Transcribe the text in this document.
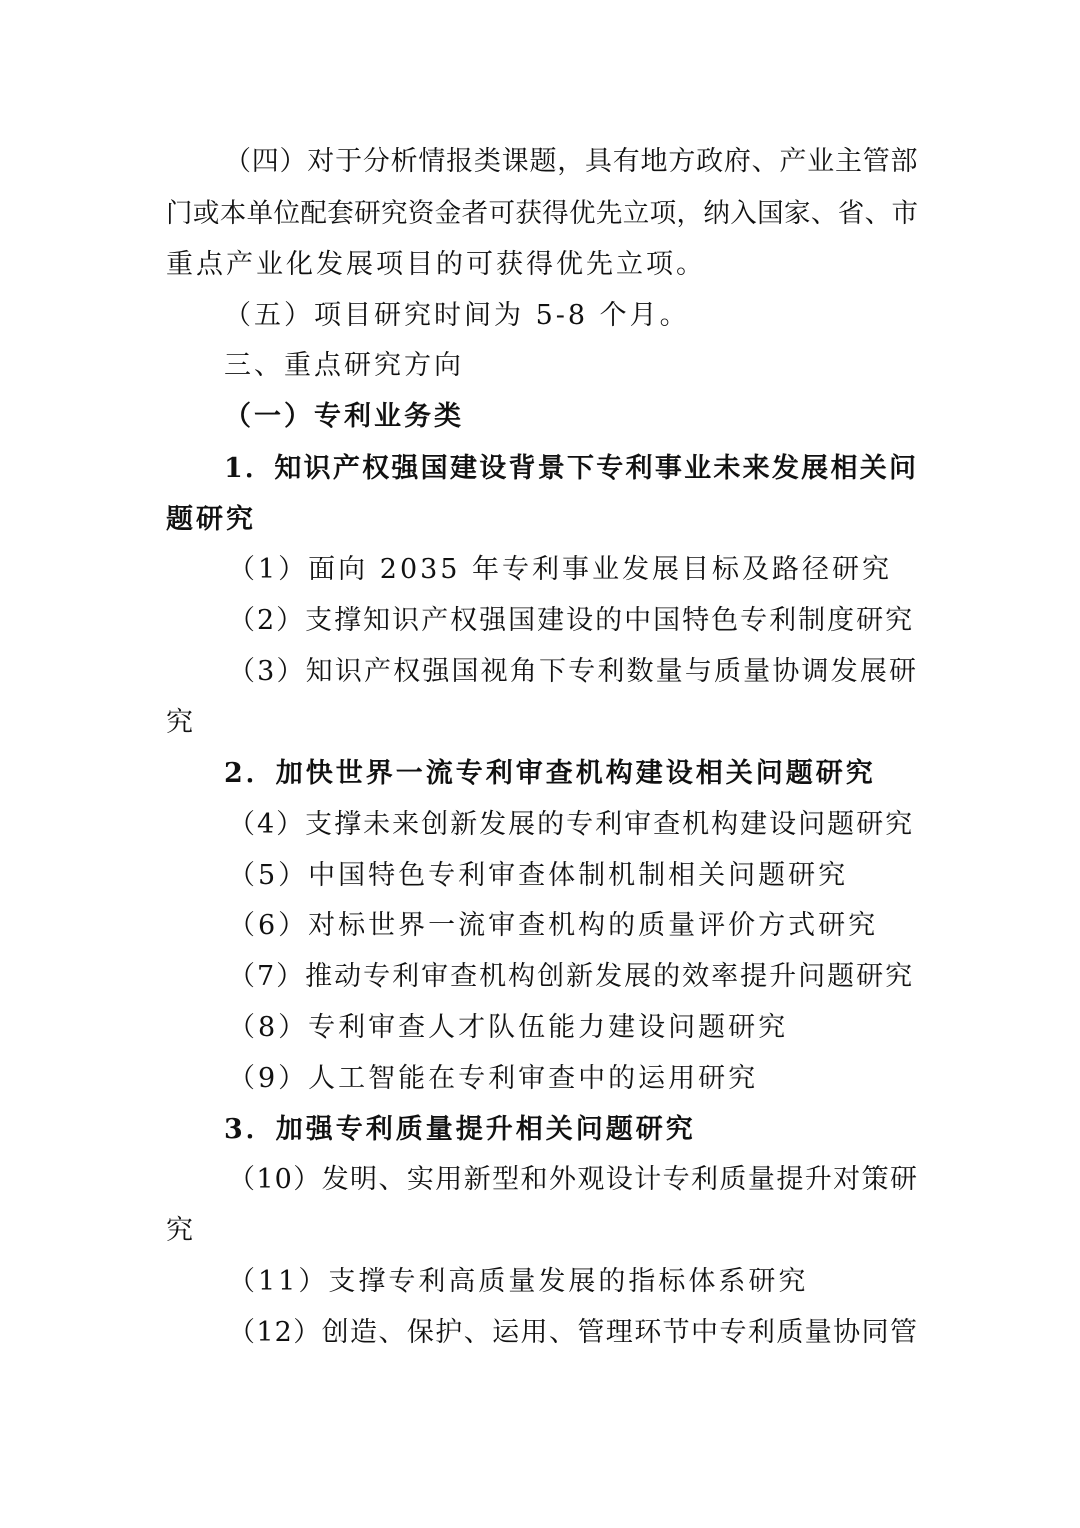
（四）对于分析情报类课题，具有地方政府、产业主管部
门或本单位配套研究资金者可获得优先立项，纳入国家、省、市
重点产业化发展项目的可获得优先立项。
（五）项目研究时间为 5-8 个月。
三、重点研究方向
（一）专利业务类
1．知识产权强国建设背景下专利事业未来发展相关问
题研究
（1）面向 2035 年专利事业发展目标及路径研究
（2）支撑知识产权强国建设的中国特色专利制度研究
（3）知识产权强国视角下专利数量与质量协调发展研
究
2．加快世界一流专利审查机构建设相关问题研究
（4）支撑未来创新发展的专利审查机构建设问题研究
（5）中国特色专利审查体制机制相关问题研究
（6）对标世界一流审查机构的质量评价方式研究
（7）推动专利审查机构创新发展的效率提升问题研究
（8）专利审查人才队伍能力建设问题研究
（9）人工智能在专利审查中的运用研究
3．加强专利质量提升相关问题研究
（10）发明、实用新型和外观设计专利质量提升对策研
究
（11）支撑专利高质量发展的指标体系研究
（12）创造、保护、运用、管理环节中专利质量协同管
